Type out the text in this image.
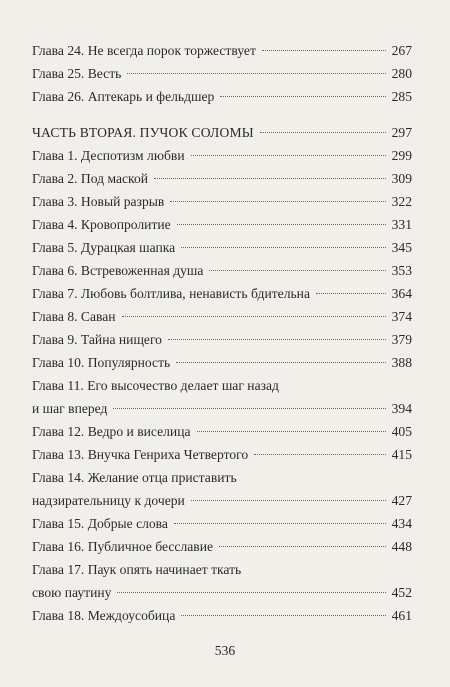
Глава 24. Не всегда порок торжествует	267
Глава 25. Весть	280
Глава 26. Аптекарь и фельдшер	285
ЧАСТЬ ВТОРАЯ. ПУЧОК СОЛОМЫ	297
Глава 1. Деспотизм любви	299
Глава 2. Под маской	309
Глава 3. Новый разрыв	322
Глава 4. Кровопролитие	331
Глава 5. Дурацкая шапка	345
Глава 6. Встревоженная душа	353
Глава 7. Любовь болтлива, ненависть бдительна	364
Глава 8. Саван	374
Глава 9. Тайна нищего	379
Глава 10. Популярность	388
Глава 11. Его высочество делает шаг назад
и шаг вперед	394
Глава 12. Ведро и виселица	405
Глава 13. Внучка Генриха Четвертого	415
Глава 14. Желание отца приставить
надзирательницу к дочери	427
Глава 15. Добрые слова	434
Глава 16. Публичное бесславие	448
Глава 17. Паук опять начинает ткать
свою паутину	452
Глава 18. Междоусобица	461
536
